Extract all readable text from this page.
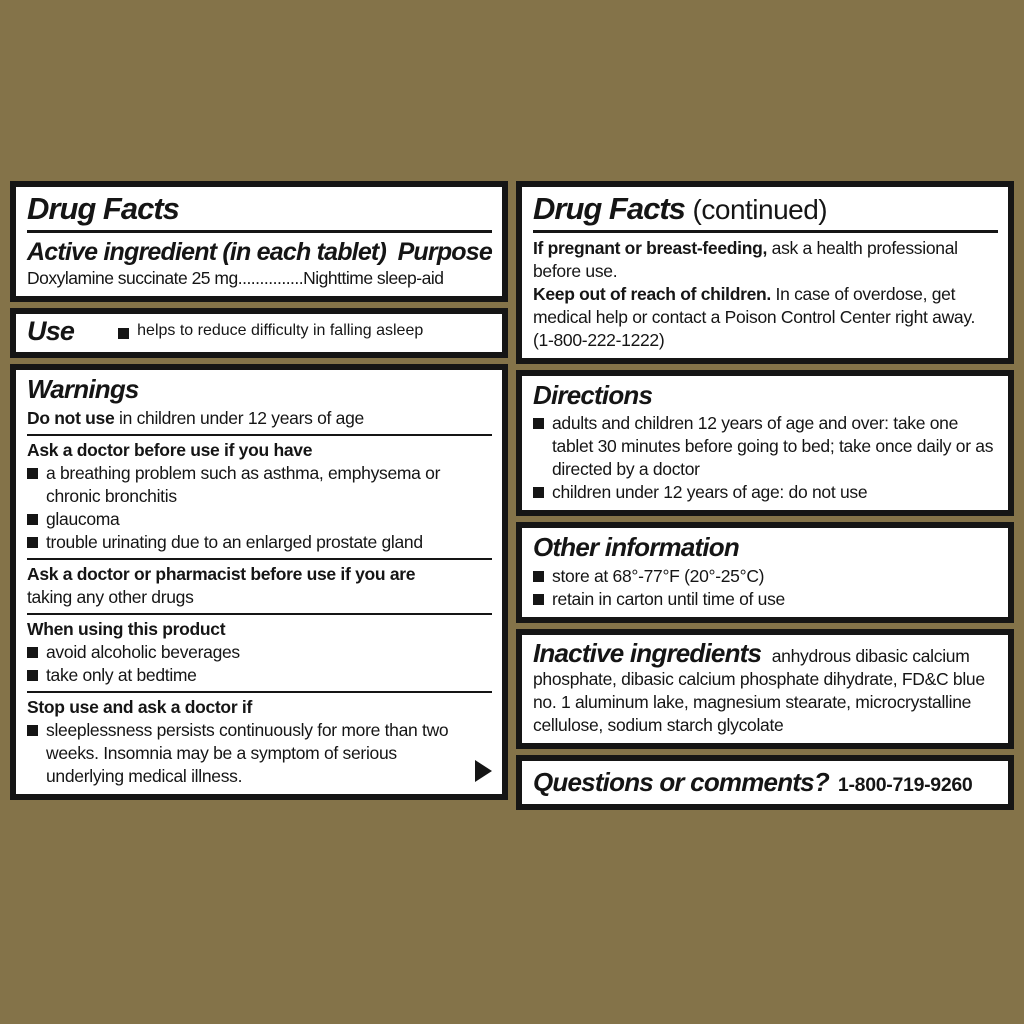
Drug Facts
Active ingredient (in each tablet) Purpose

Doxylamine succinate 25 mg...............Nighttime sleep-aid

Use	helps to reduce difficulty in falling asleep
Warnings

Do not use in children under 12 years of age

Ask a doctor before use if you have

a breathing problem such as asthma, emphysema or chronic bronchitis
glaucoma
trouble urinating due to an enlarged prostate gland

Ask a doctor or pharmacist before use if you are

taking any other drugs

When using this product

avoid alcoholic beverages
take only at bedtime

Stop use and ask a doctor if

sleeplessness persists continuously for more than two weeks. Insomnia may be a symptom of serious underlying medical illness.
Drug Facts (continued)

If pregnant or breast-feeding, ask a health professional before use.

Keep out of reach of children. In case of overdose, get medical help or contact a Poison Control Center right away. (1-800-222-1222)

Directions
adults and children 12 years of age and over: take one tablet 30 minutes before going to bed; take once daily or as directed by a doctor
children under 12 years of age: do not use
Other information
store at 68°-77°F (20°-25°C)
retain in carton until time of use

Inactive ingredients anhydrous dibasic calcium phosphate, dibasic calcium phosphate dihydrate, FD&C blue no. 1 aluminum lake, magnesium stearate, microcrystalline cellulose, sodium starch glycolate

Questions or comments? 1-800-719-9260
